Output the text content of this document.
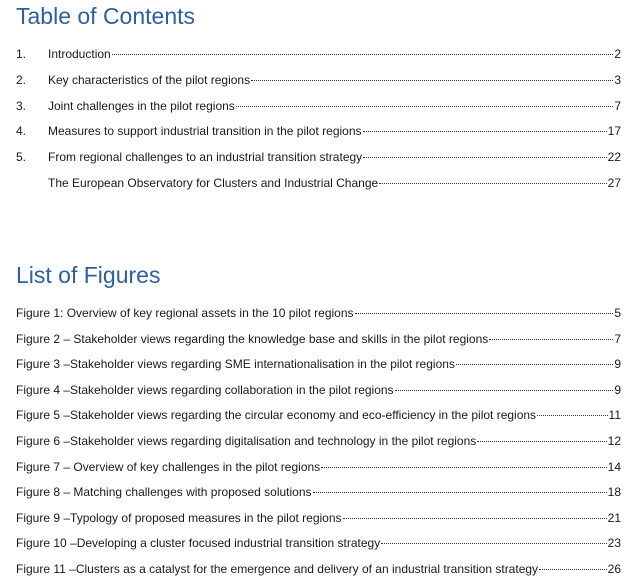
Table of Contents
1.	Introduction	2
2.	Key characteristics of the pilot regions	3
3.	Joint challenges in the pilot regions	7
4.	Measures to support industrial transition in the pilot regions	17
5.	From regional challenges to an industrial transition strategy	22
The European Observatory for Clusters and Industrial Change	27
List of Figures
Figure 1: Overview of key regional assets in the 10 pilot regions	5
Figure 2 – Stakeholder views regarding the knowledge base and skills in the pilot regions	7
Figure 3 –Stakeholder views regarding SME internationalisation in the pilot regions	9
Figure 4 –Stakeholder views regarding collaboration in the pilot regions	9
Figure 5 –Stakeholder views regarding the circular economy and eco-efficiency in the pilot regions	11
Figure 6 –Stakeholder views regarding digitalisation and technology in the pilot regions	12
Figure 7 – Overview of key challenges in the pilot regions	14
Figure 8 – Matching challenges with proposed solutions	18
Figure 9 –Typology of proposed measures in the pilot regions	21
Figure 10 –Developing a cluster focused industrial transition strategy	23
Figure 11 –Clusters as a catalyst for the emergence and delivery of an industrial transition strategy	26
